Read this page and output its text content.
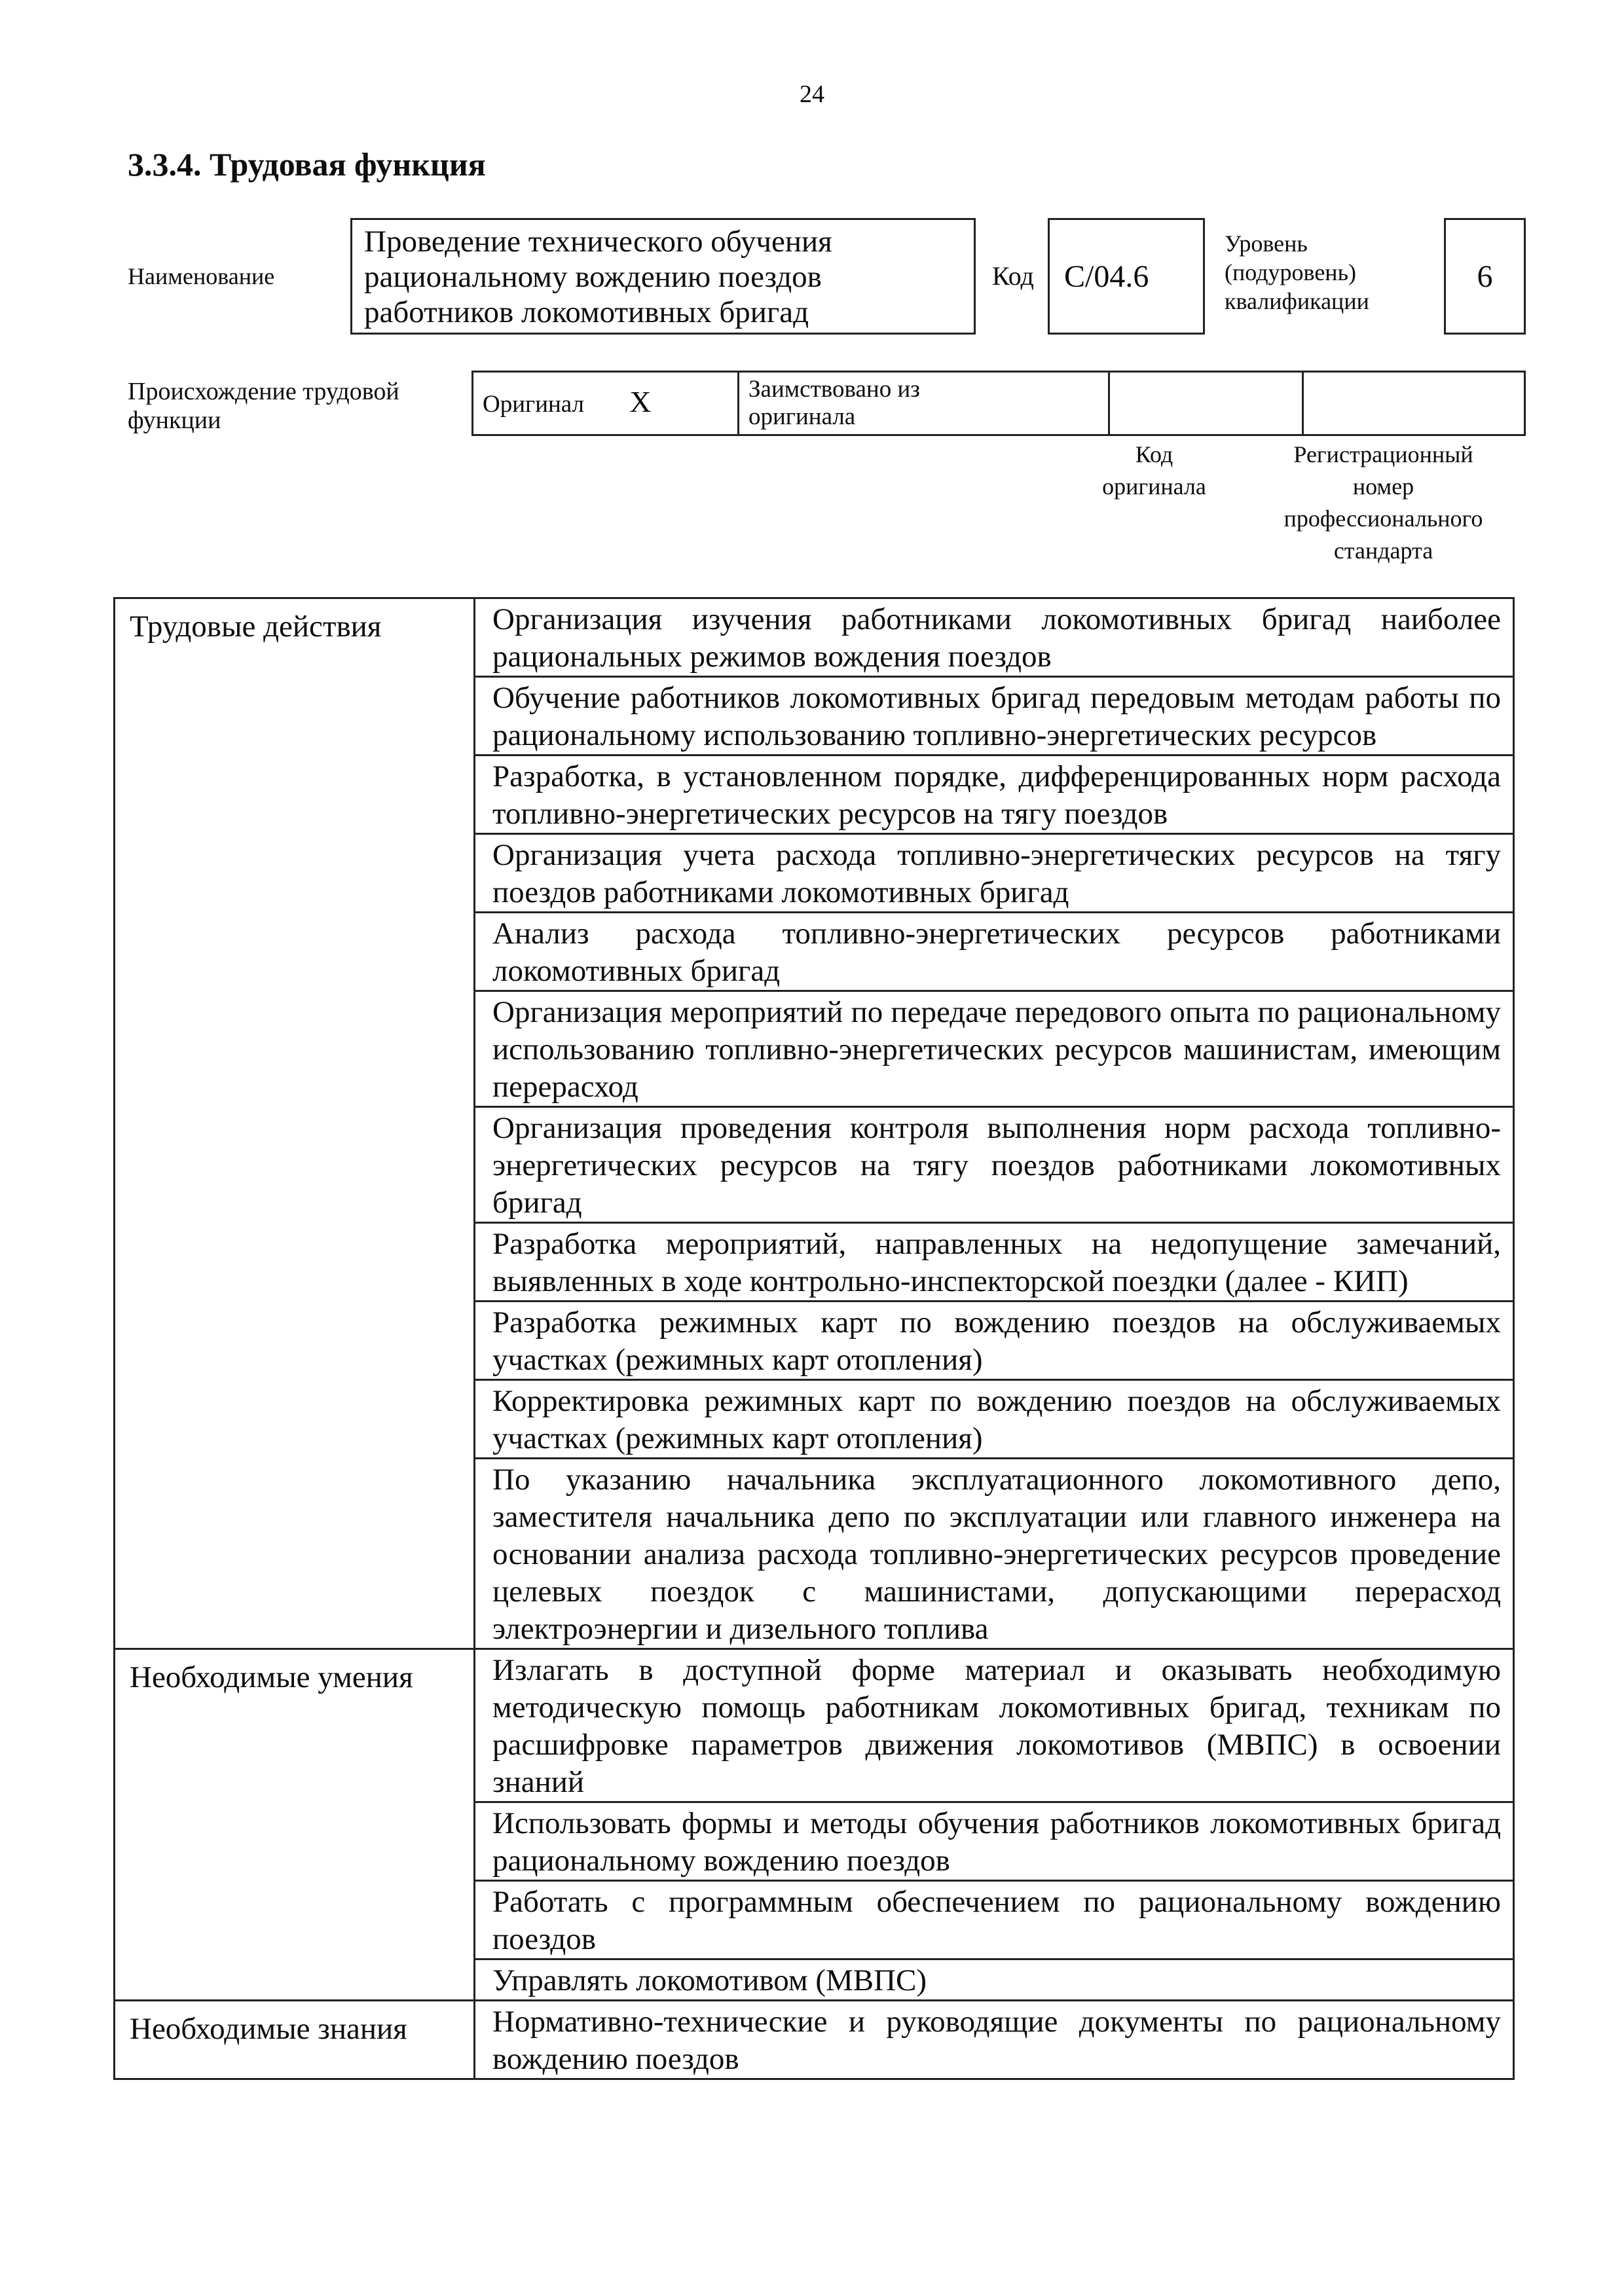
24
3.3.4. Трудовая функция
Наименование
Проведение технического обучения
рациональному вождению поездов
работников локомотивных бригад
Код C/04.6
Уровень
(подуровень)
квалификации
6
Происхождение трудовой
функции
Оригинал X	Заимствовано из
оригинала

Код
оригинала
Регистрационный
номер
профессионального
стандарта
Трудовые действия	Организация изучения работниками локомотивных бригад наиболее рациональных режимов вождения поездов
	Обучение работников локомотивных бригад передовым методам работы по рациональному использованию топливно-энергетических ресурсов
	Разработка, в установленном порядке, дифференцированных норм расхода топливно-энергетических ресурсов на тягу поездов
	Организация учета расхода топливно-энергетических ресурсов на тягу поездов работниками локомотивных бригад
	Анализ расхода топливно-энергетических ресурсов работниками локомотивных бригад
	Организация мероприятий по передаче передового опыта по рациональному использованию топливно-энергетических ресурсов машинистам, имеющим перерасход
	Организация проведения контроля выполнения норм расхода топливно-энергетических ресурсов на тягу поездов работниками локомотивных бригад
	Разработка мероприятий, направленных на недопущение замечаний, выявленных в ходе контрольно-инспекторской поездки (далее - КИП)
	Разработка режимных карт по вождению поездов на обслуживаемых участках (режимных карт отопления)
	Корректировка режимных карт по вождению поездов на обслуживаемых участках (режимных карт отопления)
	По указанию начальника эксплуатационного локомотивного депо, заместителя начальника депо по эксплуатации или главного инженера на основании анализа расхода топливно-энергетических ресурсов проведение целевых поездок с машинистами, допускающими перерасход электроэнергии и дизельного топлива
Необходимые умения	Излагать в доступной форме материал и оказывать необходимую методическую помощь работникам локомотивных бригад, техникам по расшифровке параметров движения локомотивов (МВПС) в освоении знаний
	Использовать формы и методы обучения работников локомотивных бригад рациональному вождению поездов
	Работать с программным обеспечением по рациональному вождению поездов
	Управлять локомотивом (МВПС)
Необходимые знания	Нормативно-технические и руководящие документы по рациональному вождению поездов
